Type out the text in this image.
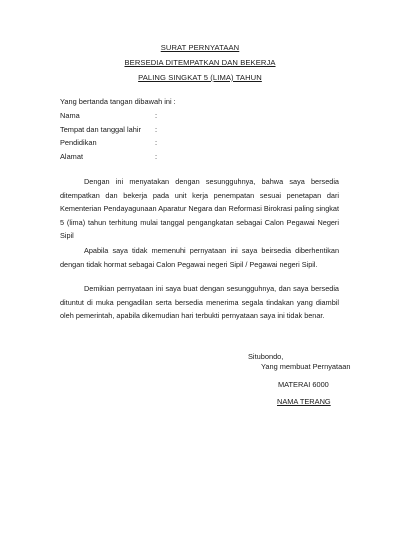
SURAT PERNYATAAN
BERSEDIA DITEMPATKAN DAN BEKERJA
PALING SINGKAT 5 (LIMA) TAHUN
Yang bertanda tangan dibawah ini :
Nama	:
Tempat dan tanggal lahir :
Pendidikan	:
Alamat	:

Dengan ini menyatakan dengan sesungguhnya, bahwa saya bersedia ditempatkan dan bekerja pada unit kerja penempatan sesuai penetapan dari Kementerian Pendayagunaan Aparatur Negara dan Reformasi Birokrasi paling singkat 5 (lima) tahun terhitung mulai tanggal pengangkatan sebagai Calon Pegawai Negeri Sipil

Apabila saya tidak memenuhi pernyataan ini saya beirsedia diberhentikan dengan tidak hormat sebagai Calon Pegawai negeri Sipil / Pegawai negeri Sipil.

Demikian pernyataan ini saya buat dengan sesungguhnya, dan saya bersedia dituntut di muka pengadilan serta bersedia menerima segala tindakan yang diambil oleh pemerintah, apabila dikemudian hari terbukti pernyataan saya ini tidak benar.

Situbondo,
Yang membuat Pernyataan
MATERAI 6000
NAMA TERANG
